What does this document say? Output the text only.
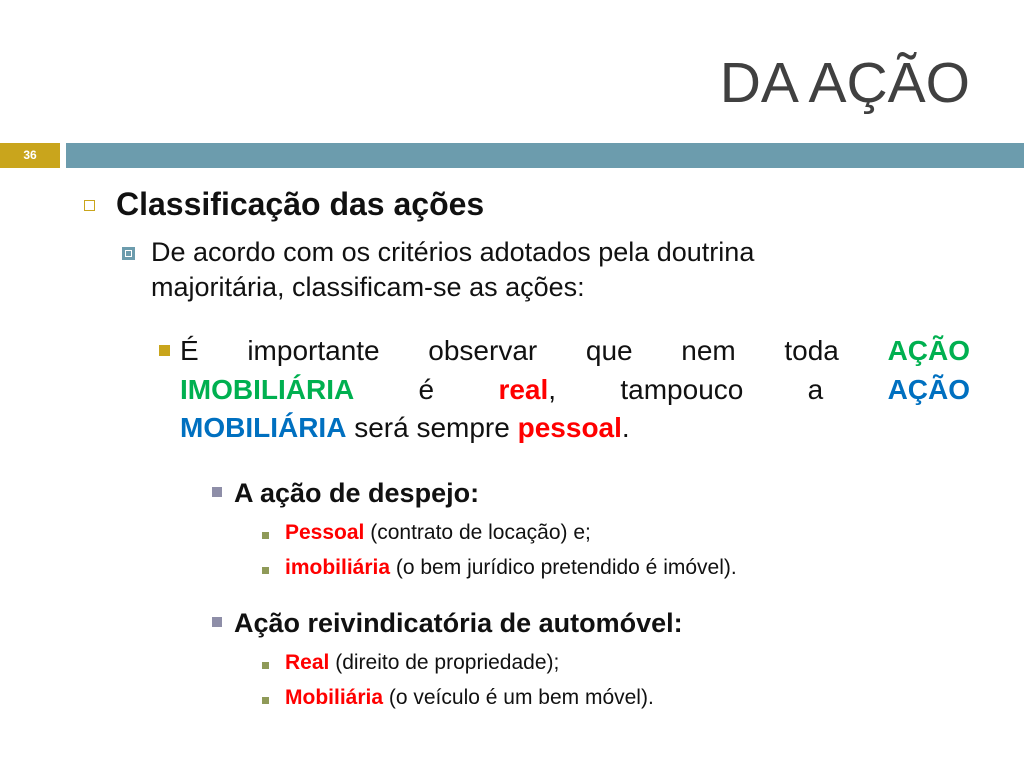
DA AÇÃO
36
Classificação das ações
De acordo com os critérios adotados pela doutrina majoritária, classificam-se as ações:
É importante observar que nem toda AÇÃO
IMOBILIÁRIA é real, tampouco a AÇÃO
MOBILIÁRIA será sempre pessoal.
A ação de despejo:
Pessoal (contrato de locação) e;
imobiliária (o bem jurídico pretendido é imóvel).
Ação reivindicatória de automóvel:
Real (direito de propriedade);
Mobiliária (o veículo é um bem móvel).
